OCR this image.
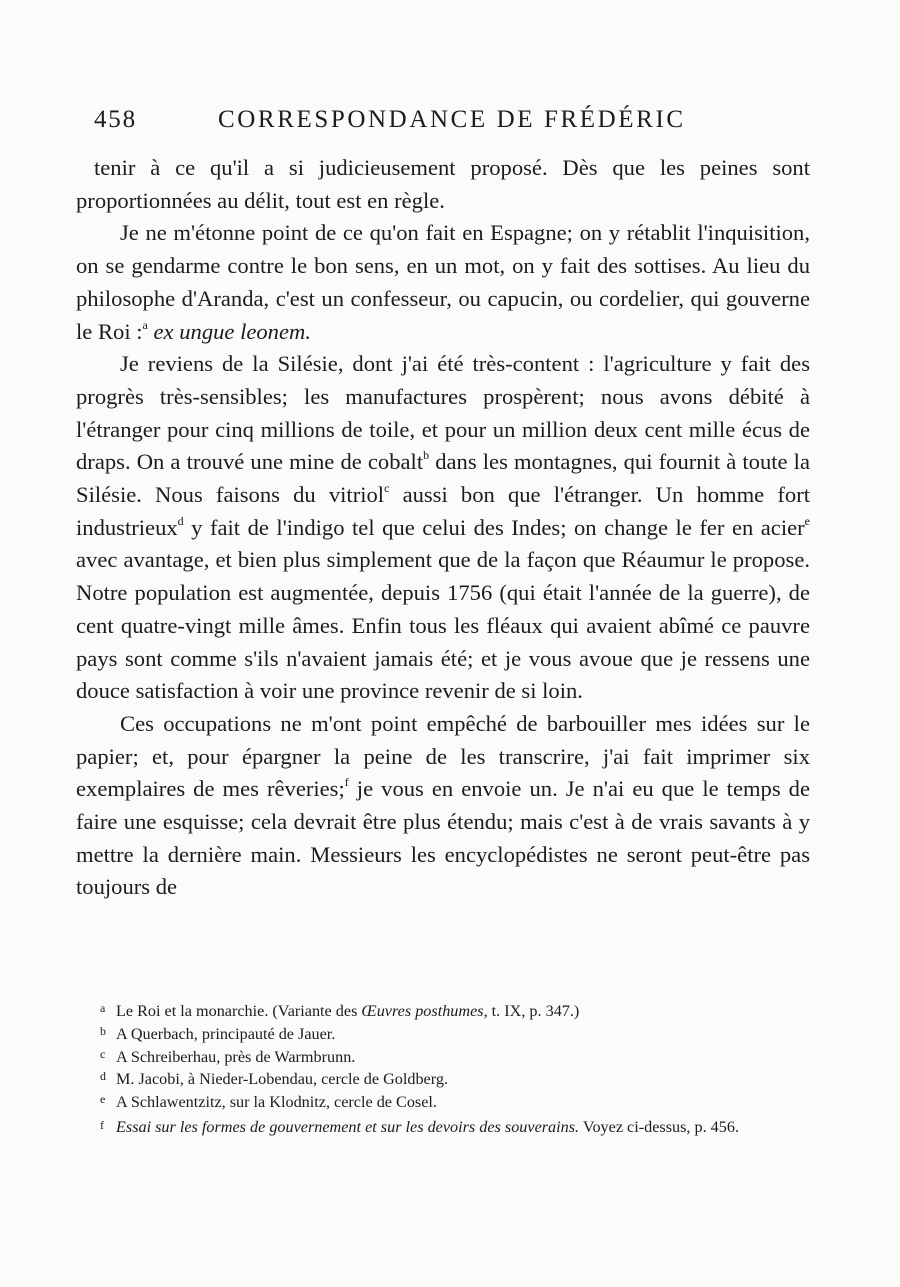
458	CORRESPONDANCE DE FRÉDÉRIC

tenir à ce qu'il a si judicieusement proposé. Dès que les peines sont proportionnées au délit, tout est en règle.

Je ne m'étonne point de ce qu'on fait en Espagne; on y rétablit l'inquisition, on se gendarme contre le bon sens, en un mot, on y fait des sottises. Au lieu du philosophe d'Aranda, c'est un confesseur, ou capucin, ou cordelier, qui gouverne le Roi :$^a$ ex ungue leonem.

Je reviens de la Silésie, dont j'ai été très-content : l'agriculture y fait des progrès très-sensibles; les manufactures prospèrent; nous avons débité à l'étranger pour cinq millions de toile, et pour un million deux cent mille écus de draps. On a trouvé une mine de cobalt$^b$ dans les montagnes, qui fournit à toute la Silésie. Nous faisons du vitriol$^c$ aussi bon que l'étranger. Un homme fort industrieux$^d$ y fait de l'indigo tel que celui des Indes; on change le fer en acier$^e$ avec avantage, et bien plus simplement que de la façon que Réaumur le propose. Notre population est augmentée, depuis 1756 (qui était l'année de la guerre), de cent quatre-vingt mille âmes. Enfin tous les fléaux qui avaient abîmé ce pauvre pays sont comme s'ils n'avaient jamais été; et je vous avoue que je ressens une douce satisfaction à voir une province revenir de si loin.

Ces occupations ne m'ont point empêché de barbouiller mes idées sur le papier; et, pour épargner la peine de les transcrire, j'ai fait imprimer six exemplaires de mes rêveries;$^f$ je vous en envoie un. Je n'ai eu que le temps de faire une esquisse; cela devrait être plus étendu; mais c'est à de vrais savants à y mettre la dernière main. Messieurs les encyclopédistes ne seront peut-être pas toujours de

a Le Roi et la monarchie. (Variante des Œuvres posthumes, t. IX, p. 347.)

b A Querbach, principauté de Jauer.

c A Schreiberhau, près de Warmbrunn.

d M. Jacobi, à Nieder-Lobendau, cercle de Goldberg.

e A Schlawentzitz, sur la Klodnitz, cercle de Cosel.

f Essai sur les formes de gouvernement et sur les devoirs des souverains. Voyez ci-dessus, p. 456.
